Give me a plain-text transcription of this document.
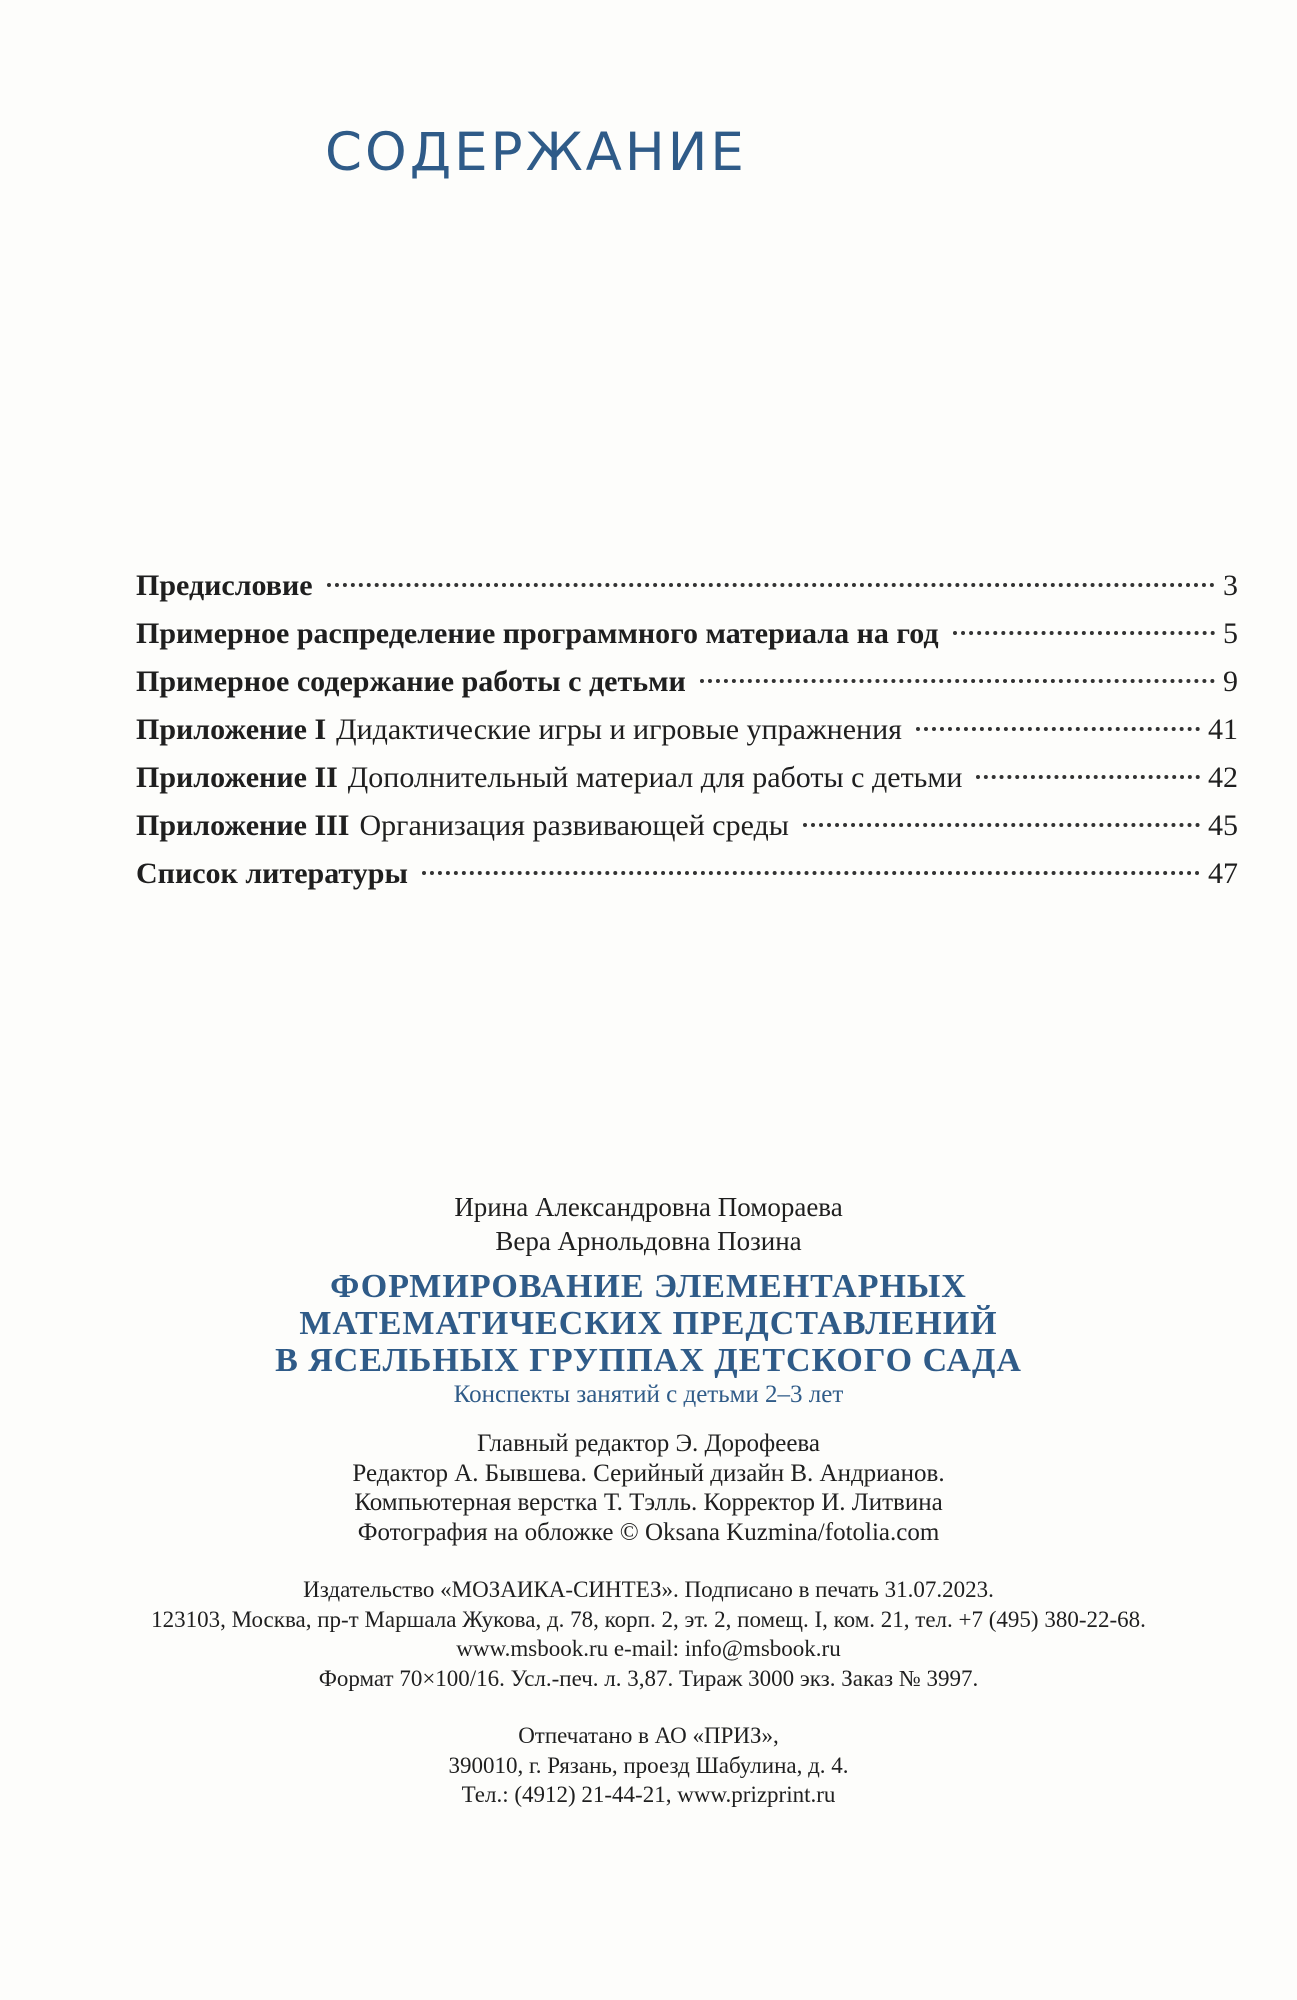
СОДЕРЖАНИЕ
Предисловие	3
Примерное распределение программного материала на год	5
Примерное содержание работы с детьми	9
Приложение I Дидактические игры и игровые упражнения	41
Приложение II Дополнительный материал для работы с детьми	42
Приложение III Организация развивающей среды	45
Список литературы	47

Ирина Александровна Помораева

Вера Арнольдовна Позина

ФОРМИРОВАНИЕ ЭЛЕМЕНТАРНЫХ

МАТЕМАТИЧЕСКИХ ПРЕДСТАВЛЕНИЙ

В ЯСЕЛЬНЫХ ГРУППАХ ДЕТСКОГО САДА

Конспекты занятий с детьми 2–3 лет

Главный редактор Э. Дорофеева

Редактор А. Бывшева. Серийный дизайн В. Андрианов.

Компьютерная верстка Т. Тэлль. Корректор И. Литвина

Фотография на обложке © Oksana Kuzmina/fotolia.com

Издательство «МОЗАИКА-СИНТЕЗ». Подписано в печать 31.07.2023.

123103, Москва, пр-т Маршала Жукова, д. 78, корп. 2, эт. 2, помещ. I, ком. 21, тел. +7 (495) 380-22-68.

www.msbook.ru e-mail: info@msbook.ru

Формат 70×100/16. Усл.-печ. л. 3,87. Тираж 3000 экз. Заказ № 3997.

Отпечатано в АО «ПРИЗ»,

390010, г. Рязань, проезд Шабулина, д. 4.

Тел.: (4912) 21-44-21, www.prizprint.ru
